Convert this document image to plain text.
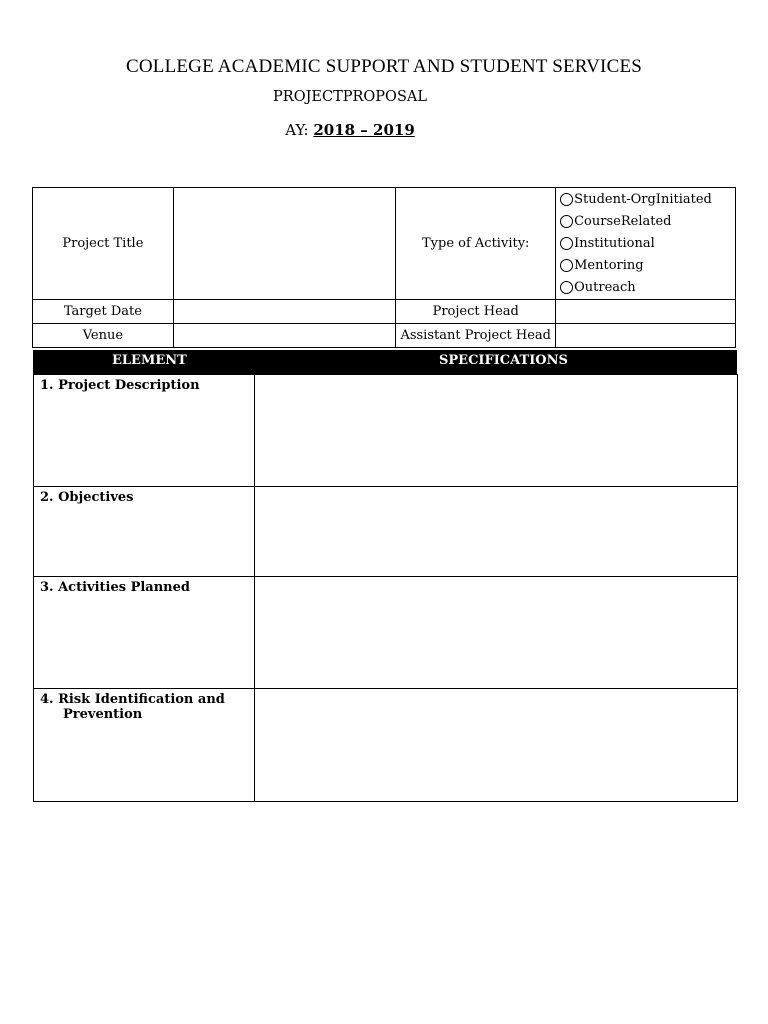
COLLEGE ACADEMIC SUPPORT AND STUDENT SERVICES
PROJECTPROPOSAL
AY: 2018 – 2019
Project Title		Type of Activity:	Student-OrgInitiated
CourseRelated
Institutional
Mentoring
Outreach

Target Date		Project Head	
Venue		Assistant Project Head	
ELEMENT	SPECIFICATIONS
1. Project Description	
2. Objectives	
3. Activities Planned	
4. Risk Identification and
Prevention	
